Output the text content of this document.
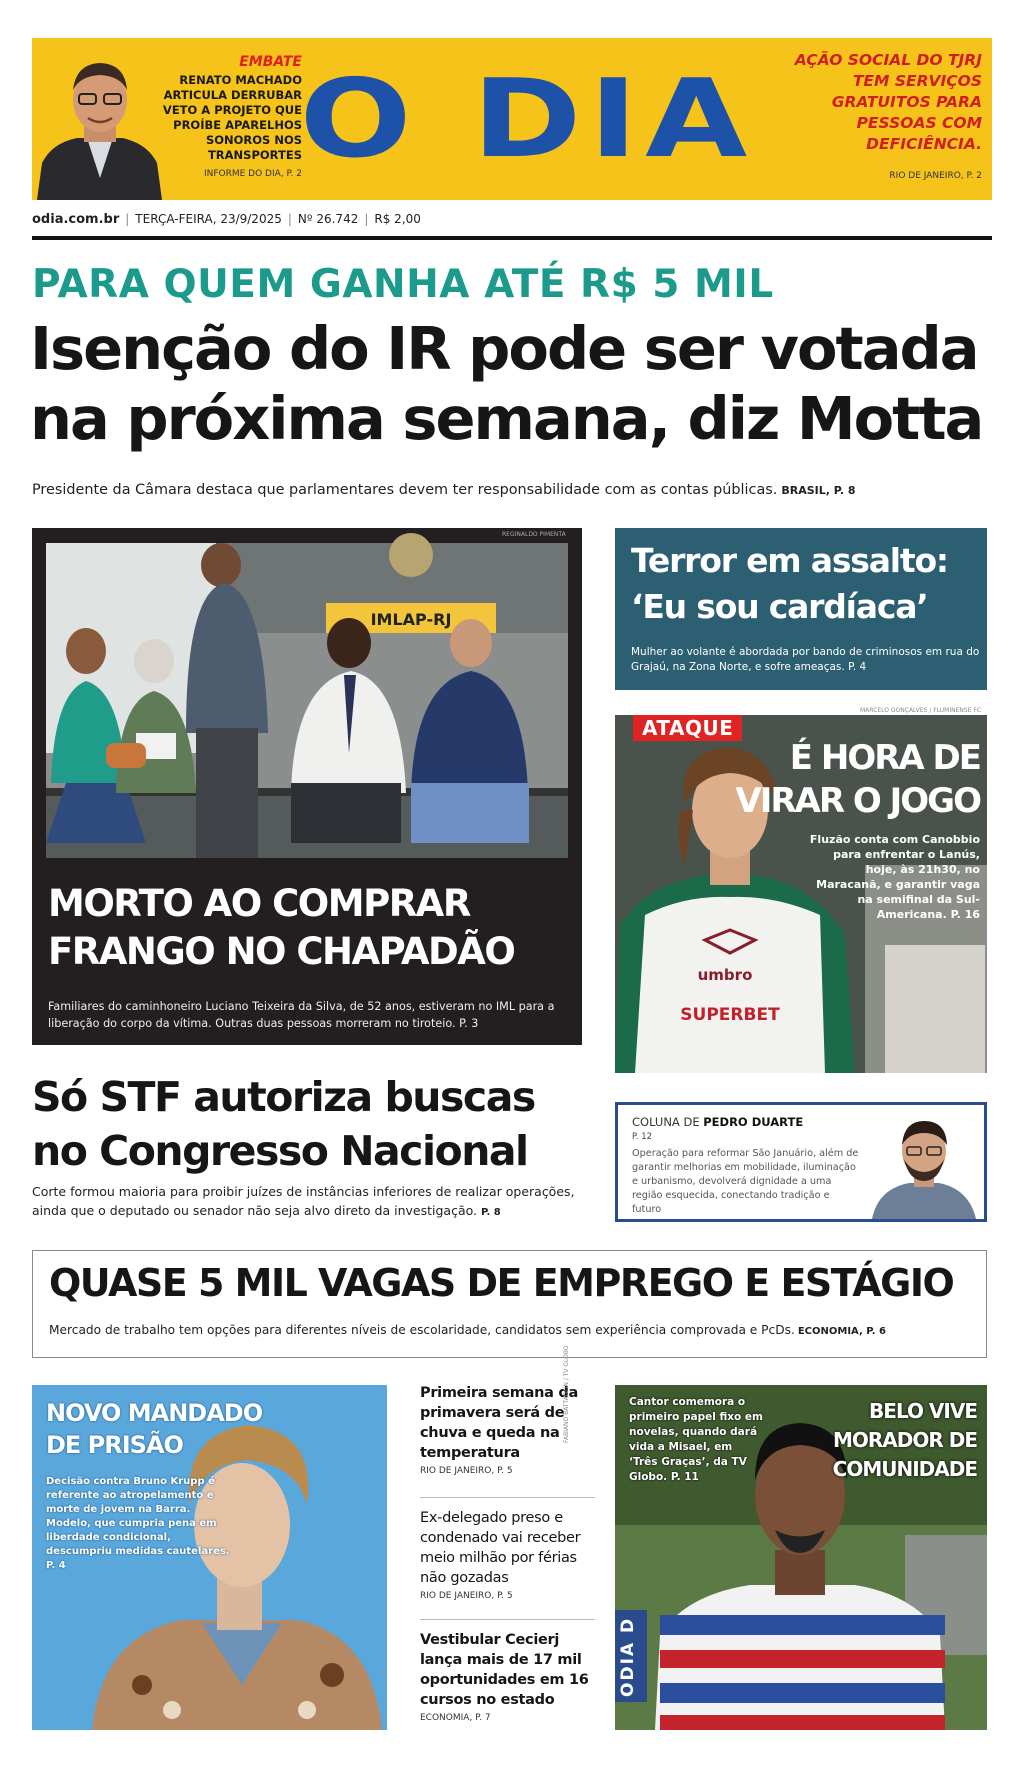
EMBATE
RENATO MACHADO ARTICULA DERRUBAR VETO A PROJETO QUE PROÍBE APARELHOS SONOROS NOS TRANSPORTES
INFORME DO DIA, P. 2
O DIA	AÇÃO SOCIAL DO TJRJ TEM SERVIÇOS GRATUITOS PARA PESSOAS COM DEFICIÊNCIA.
RIO DE JANEIRO, P. 2
odia.com.br | TERÇA-FEIRA, 23/9/2025 | Nº 26.742 | R$ 2,00
PARA QUEM GANHA ATÉ R$ 5 MIL
Isenção do IR pode ser votada
na próxima semana, diz Motta
Presidente da Câmara destaca que parlamentares devem ter responsabilidade com as contas públicas. BRASIL, P. 8
REGINALDO PIMENTA
IMLAP-RJ
MORTO AO COMPRAR
FRANGO NO CHAPADÃO
Familiares do caminhoneiro Luciano Teixeira da Silva, de 52 anos, estiveram no IML para a liberação do corpo da vítima. Outras duas pessoas morreram no tiroteio. P. 3
Terror em assalto:
‘Eu sou cardíaca’
Mulher ao volante é abordada por bando de criminosos em rua do Grajaú, na Zona Norte, e sofre ameaças. P. 4
MARCELO GONÇALVES / FLUMINENSE FC
umbro
SUPERBET
ATAQUE
É HORA DE
VIRAR O JOGO
Fluzão conta com Canobbio para enfrentar o Lanús, hoje, às 21h30, no Maracanã, e garantir vaga na semifinal da Sul-Americana. P. 16
Só STF autoriza buscas
no Congresso Nacional
Corte formou maioria para proibir juízes de instâncias inferiores de realizar operações, ainda que o deputado ou senador não seja alvo direto da investigação. P. 8
COLUNA DE PEDRO DUARTE
P. 12
Operação para reformar São Januário, além de garantir melhorias em mobilidade, iluminação e urbanismo, devolverá dignidade a uma região esquecida, conectando tradição e futuro
QUASE 5 MIL VAGAS DE EMPREGO E ESTÁGIO
Mercado de trabalho tem opções para diferentes níveis de escolaridade, candidatos sem experiência comprovada e PcDs. ECONOMIA, P. 6
NOVO MANDADO
DE PRISÃO
Decisão contra Bruno Krupp é referente ao atropelamento e morte de jovem na Barra. Modelo, que cumpria pena em liberdade condicional, descumpriu medidas cautelares. P. 4
Primeira semana da primavera será de chuva e queda na temperatura
RIO DE JANEIRO, P. 5
Ex-delegado preso e condenado vai receber meio milhão por férias não gozadas
RIO DE JANEIRO, P. 5
Vestibular Cecierj lança mais de 17 mil oportunidades em 16 cursos no estado
ECONOMIA, P. 7
FABIANO BATTAGLIN / TV GLOBO	Cantor comemora o primeiro papel fixo em novelas, quando dará vida a Misael, em ‘Três Graças’, da TV Globo. P. 11
BELO VIVE
MORADOR DE
COMUNIDADE
ODIA D
